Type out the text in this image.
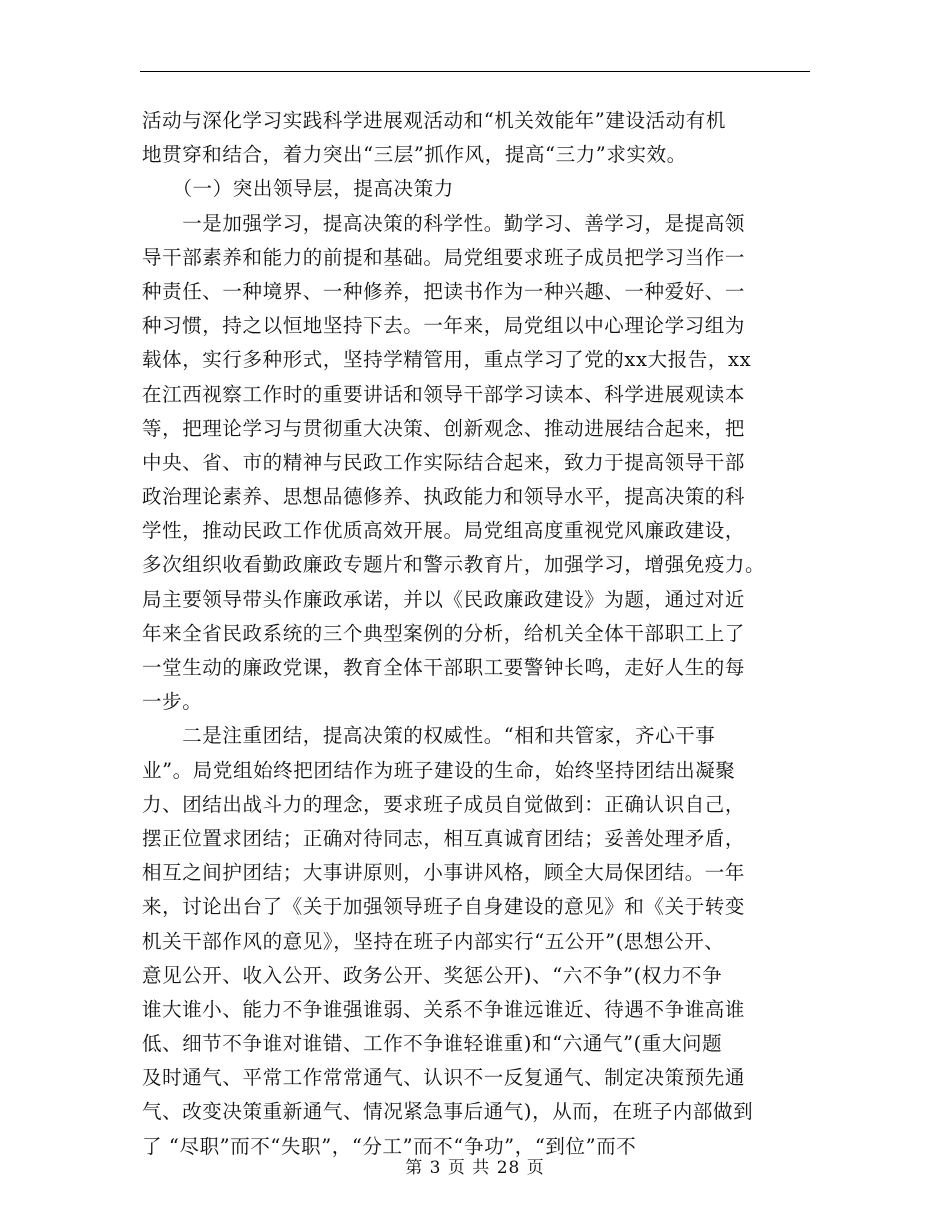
活动与深化学习实践科学进展观活动和“机关效能年”建设活动有机
地贯穿和结合，着力突出“三层”抓作风，提高“三力”求实效。
　　（一）突出领导层，提高决策力
　　一是加强学习，提高决策的科学性。勤学习、善学习，是提高领
导干部素养和能力的前提和基础。局党组要求班子成员把学习当作一
种责任、一种境界、一种修养，把读书作为一种兴趣、一种爱好、一
种习惯，持之以恒地坚持下去。一年来，局党组以中心理论学习组为
载体，实行多种形式，坚持学精管用，重点学习了党的xx大报告，xx
在江西视察工作时的重要讲话和领导干部学习读本、科学进展观读本
等，把理论学习与贯彻重大决策、创新观念、推动进展结合起来，把
中央、省、市的精神与民政工作实际结合起来，致力于提高领导干部
政治理论素养、思想品德修养、执政能力和领导水平，提高决策的科
学性，推动民政工作优质高效开展。局党组高度重视党风廉政建设，
多次组织收看勤政廉政专题片和警示教育片，加强学习，增强免疫力。
局主要领导带头作廉政承诺，并以《民政廉政建设》为题，通过对近
年来全省民政系统的三个典型案例的分析，给机关全体干部职工上了
一堂生动的廉政党课，教育全体干部职工要警钟长鸣，走好人生的每
一步。
　　二是注重团结，提高决策的权威性。“相和共管家，齐心干事
业”。局党组始终把团结作为班子建设的生命，始终坚持团结出凝聚
力、团结出战斗力的理念，要求班子成员自觉做到：正确认识自己，
摆正位置求团结；正确对待同志，相互真诚育团结；妥善处理矛盾，
相互之间护团结；大事讲原则，小事讲风格，顾全大局保团结。一年
来，讨论出台了《关于加强领导班子自身建设的意见》和《关于转变
机关干部作风的意见》，坚持在班子内部实行“五公开”(思想公开、
意见公开、收入公开、政务公开、奖惩公开)、“六不争”(权力不争
谁大谁小、能力不争谁强谁弱、关系不争谁远谁近、待遇不争谁高谁
低、细节不争谁对谁错、工作不争谁轻谁重)和“六通气”(重大问题
及时通气、平常工作常常通气、认识不一反复通气、制定决策预先通
气、改变决策重新通气、情况紧急事后通气)，从而，在班子内部做到
了 “尽职”而不“失职”，“分工”而不“争功”，“到位”而不
第 3 页 共 28 页
